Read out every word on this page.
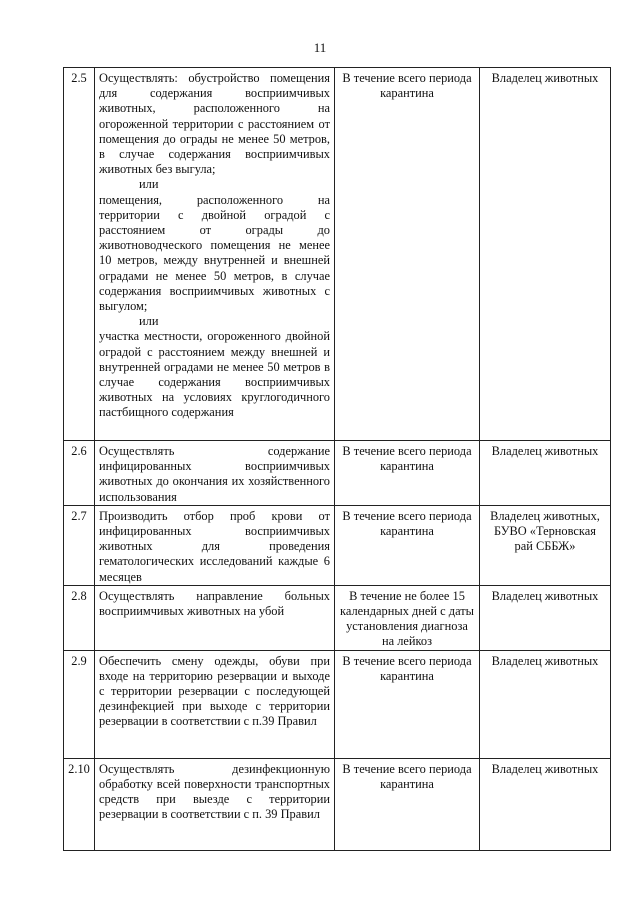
11
2.5	Осуществлять: обустройство помещения для содержания восприимчивых животных, расположенного на огороженной территории с расстоянием от помещения до ограды не менее 50 метров, в случае содержания восприимчивых животных без выгула;

или

помещения, расположенного на территории с двойной оградой с расстоянием от ограды до животноводческого помещения не менее 10 метров, между внутренней и внешней оградами не менее 50 метров, в случае содержания восприимчивых животных с выгулом;

или

участка местности, огороженного двойной оградой с расстоянием между внешней и внутренней оградами не менее 50 метров в случае содержания восприимчивых животных на условиях круглогодичного пастбищного содержания	В течение всего периода карантина	Владелец животных
2.6	Осуществлять содержание инфицированных восприимчивых животных до окончания их хозяйственного использования	В течение всего периода карантина	Владелец животных
2.7	Производить отбор проб крови от инфицированных восприимчивых животных для проведения гематологических исследований каждые 6 месяцев	В течение всего периода карантина	Владелец животных, БУВО «Терновская рай СББЖ»
2.8	Осуществлять направление больных восприимчивых животных на убой	В течение не более 15 календарных дней с даты установления диагноза на лейкоз	Владелец животных
2.9	Обеспечить смену одежды, обуви при входе на территорию резервации и выходе с территории резервации с последующей дезинфекцией при выходе с территории резервации в соответствии с п.39 Правил	В течение всего периода карантина	Владелец животных
2.10	Осуществлять дезинфекционную обработку всей поверхности транспортных средств при выезде с территории резервации в соответствии с п. 39 Правил	В течение всего периода карантина	Владелец животных
